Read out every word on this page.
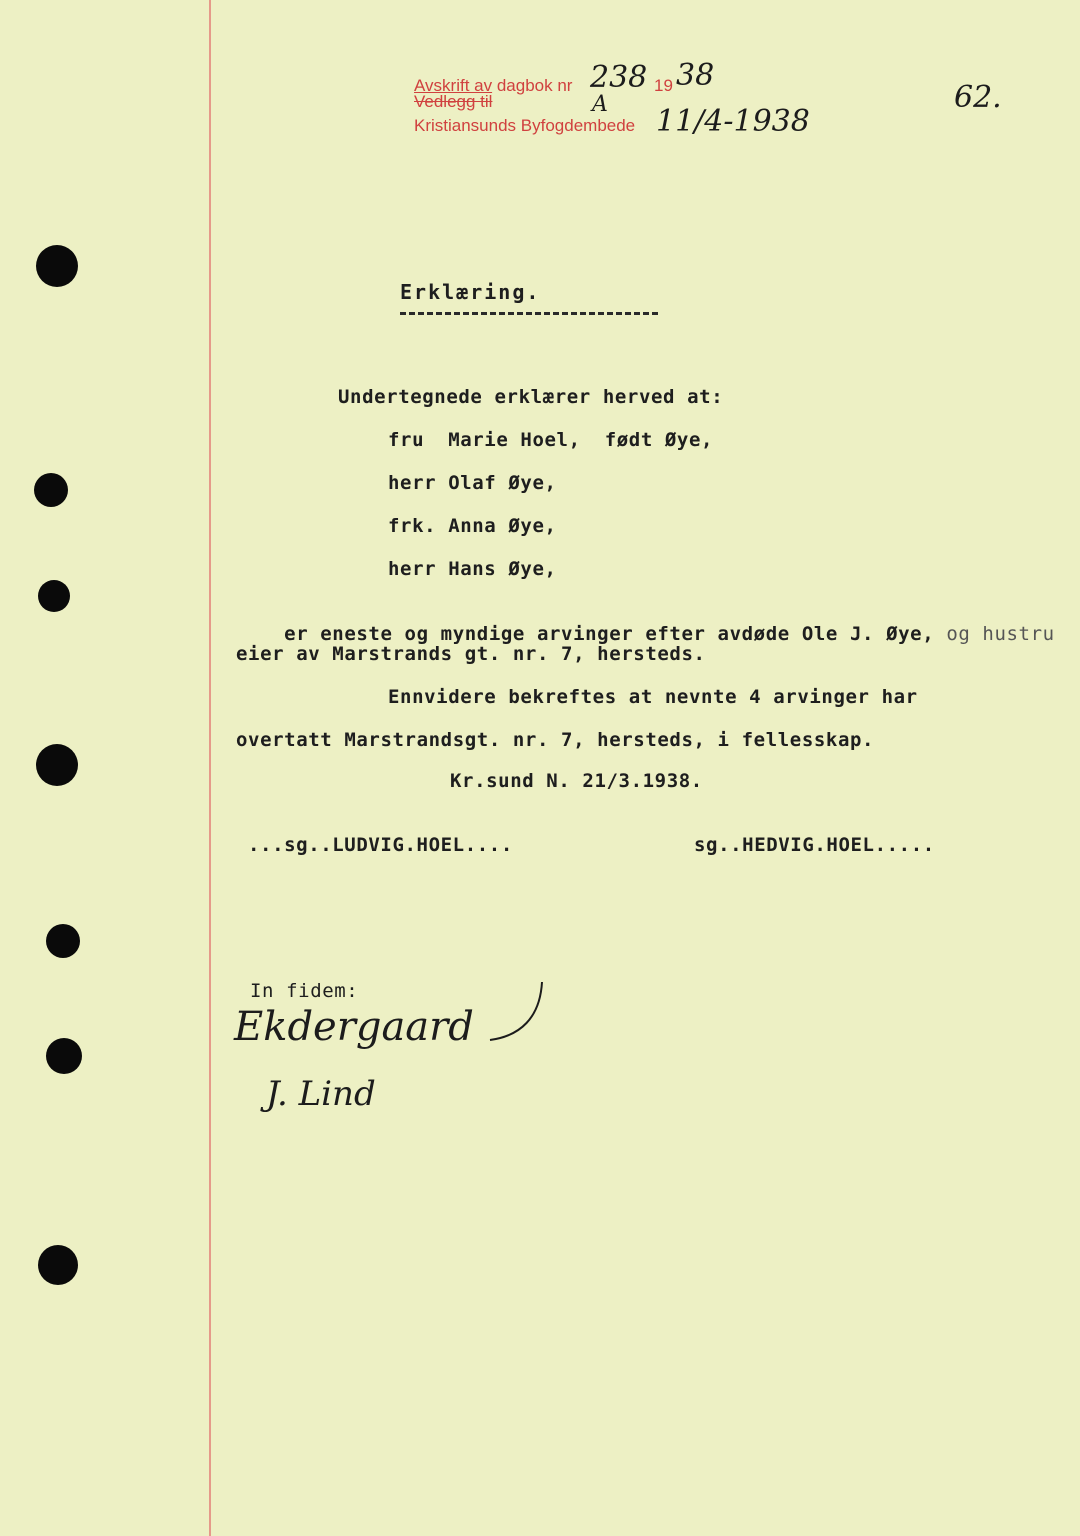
Avskrift av dagbok nr
Vedlegg til
Kristiansunds Byfogdembede
19
238 38
A 11/4-1938
62.
Erklæring.
Undertegnede erklærer herved at:
fru  Marie Hoel,  født Øye,
herr Olaf Øye,
frk. Anna Øye,
herr Hans Øye,

er eneste og myndige arvinger efter avdøde Ole J. Øye, og hustru

eier av Marstrands gt. nr. 7, hersteds.
Ennvidere bekreftes at nevnte 4 arvinger har
overtatt Marstrandsgt. nr. 7, hersteds, i fellesskap.
Kr.sund N. 21/3.1938.
...sg..LUDVIG.HOEL....	sg..HEDVIG.HOEL.....
In fidem:
Ekdergaard
J. Lind
